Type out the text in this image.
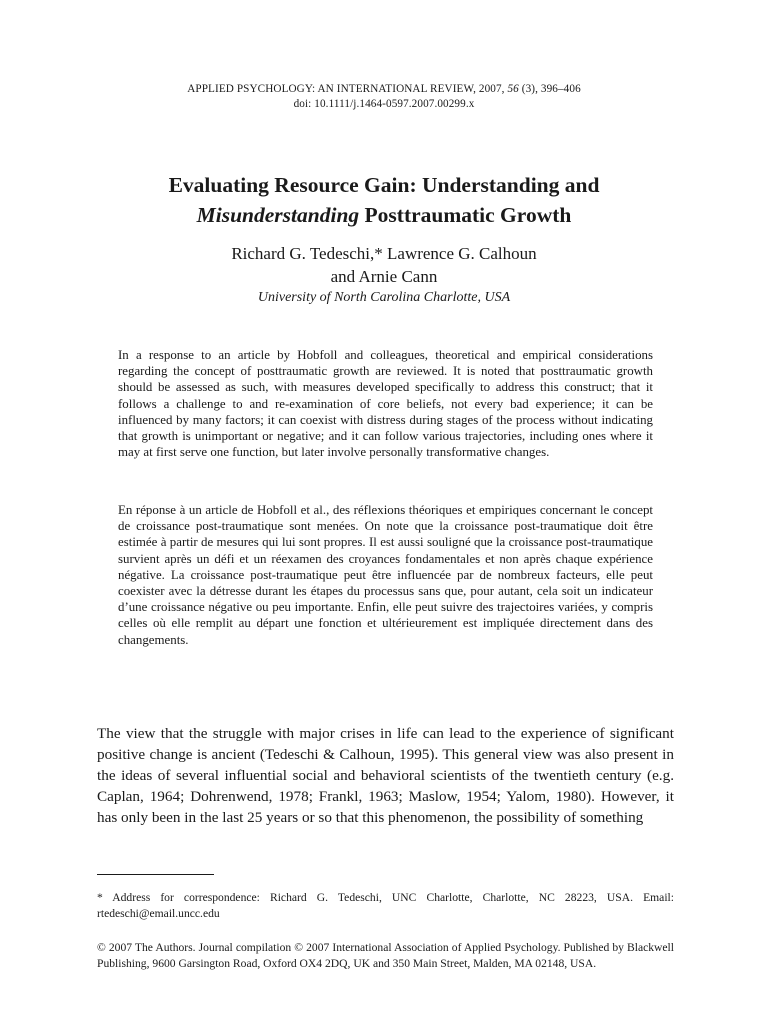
APPLIED PSYCHOLOGY: AN INTERNATIONAL REVIEW, 2007, 56 (3), 396–406
doi: 10.1111/j.1464-0597.2007.00299.x
Evaluating Resource Gain: Understanding and
Misunderstanding Posttraumatic Growth
Richard G. Tedeschi,* Lawrence G. Calhoun
and Arnie Cann
University of North Carolina Charlotte, USA
In a response to an article by Hobfoll and colleagues, theoretical and empirical considerations regarding the concept of posttraumatic growth are reviewed. It is noted that posttraumatic growth should be assessed as such, with measures developed specifically to address this construct; that it follows a challenge to and re-examination of core beliefs, not every bad experience; it can be influenced by many factors; it can coexist with distress during stages of the process without indicating that growth is unimportant or negative; and it can follow various trajectories, including ones where it may at first serve one function, but later involve personally transformative changes.
En réponse à un article de Hobfoll et al., des réflexions théoriques et empiriques concernant le concept de croissance post-traumatique sont menées. On note que la croissance post-traumatique doit être estimée à partir de mesures qui lui sont propres. Il est aussi souligné que la croissance post-traumatique survient après un défi et un réexamen des croyances fondamentales et non après chaque expérience négative. La croissance post-traumatique peut être influencée par de nombreux facteurs, elle peut coexister avec la détresse durant les étapes du processus sans que, pour autant, cela soit un indicateur d’une croissance négative ou peu importante. Enfin, elle peut suivre des trajectoires variées, y compris celles où elle remplit au départ une fonction et ultérieurement est impliquée directement dans des changements.
The view that the struggle with major crises in life can lead to the experience of significant positive change is ancient (Tedeschi & Calhoun, 1995). This general view was also present in the ideas of several influential social and behavioral scientists of the twentieth century (e.g. Caplan, 1964; Dohrenwend, 1978; Frankl, 1963; Maslow, 1954; Yalom, 1980). However, it has only been in the last 25 years or so that this phenomenon, the possibility of something
* Address for correspondence: Richard G. Tedeschi, UNC Charlotte, Charlotte, NC 28223, USA. Email: rtedeschi@email.uncc.edu
© 2007 The Authors. Journal compilation © 2007 International Association of Applied Psychology. Published by Blackwell Publishing, 9600 Garsington Road, Oxford OX4 2DQ, UK and 350 Main Street, Malden, MA 02148, USA.
